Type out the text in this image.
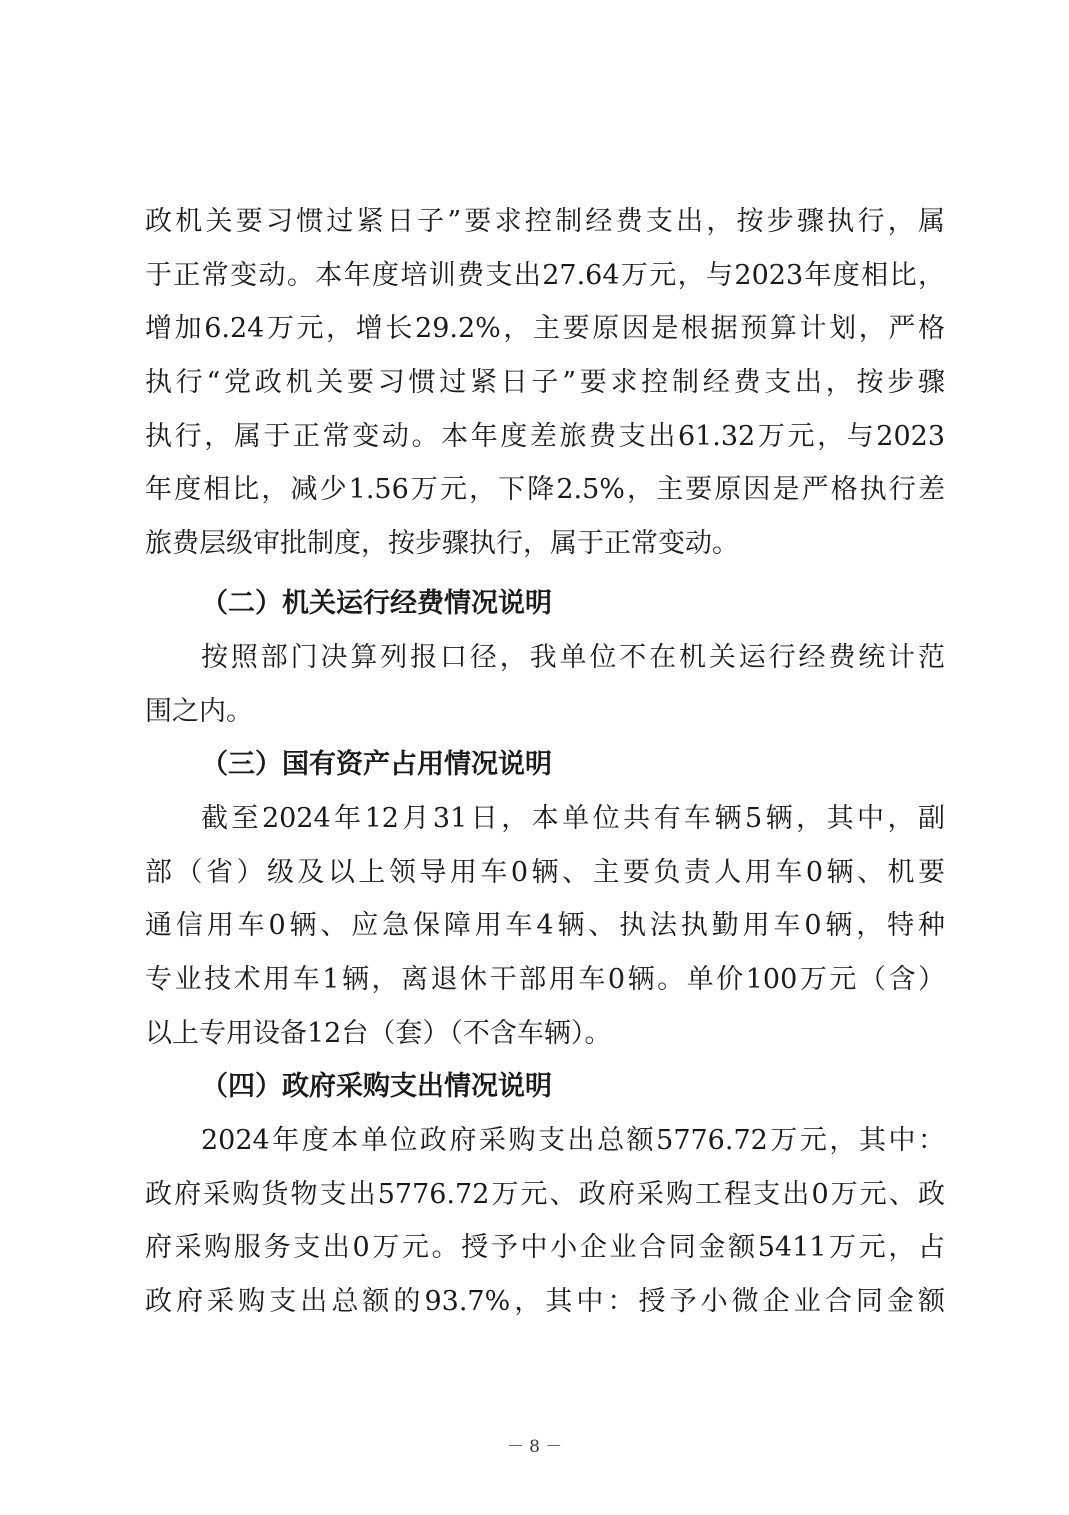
政机关要习惯过紧日子”要求控制经费支出，按步骤执行，属
于正常变动。本年度培训费支出27.64万元，与2023年度相比，
增加6.24万元，增长29.2%，主要原因是根据预算计划，严格
执行“党政机关要习惯过紧日子”要求控制经费支出，按步骤
执行，属于正常变动。本年度差旅费支出61.32万元，与2023
年度相比，减少1.56万元，下降2.5%，主要原因是严格执行差
旅费层级审批制度，按步骤执行，属于正常变动。
（二）机关运行经费情况说明
按照部门决算列报口径，我单位不在机关运行经费统计范
围之内。
（三）国有资产占用情况说明
截至2024年12月31日，本单位共有车辆5辆，其中，副
部（省）级及以上领导用车0辆、主要负责人用车0辆、机要
通信用车0辆、应急保障用车4辆、执法执勤用车0辆，特种
专业技术用车1辆，离退休干部用车0辆。单价100万元（含）
以上专用设备12台（套）（不含车辆）。
（四）政府采购支出情况说明
2024年度本单位政府采购支出总额5776.72万元，其中：
政府采购货物支出5776.72万元、政府采购工程支出0万元、政
府采购服务支出0万元。授予中小企业合同金额5411万元，占
政府采购支出总额的93.7%，其中：授予小微企业合同金额
－ 8 －
